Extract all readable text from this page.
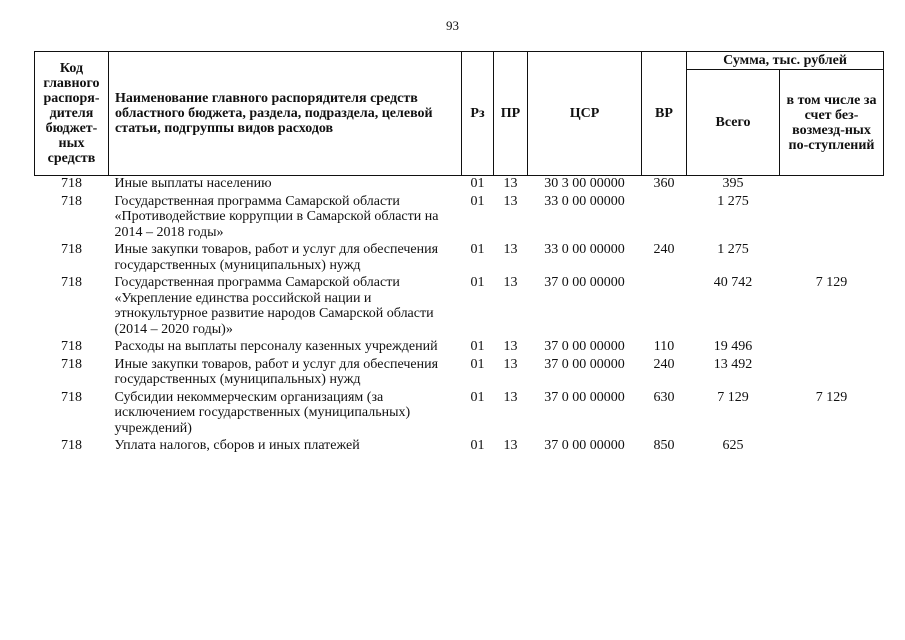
93
Код главного распоря-дителя бюджет-ных средств	Наименование главного распорядителя средств областного бюджета, раздела, подраздела, целевой статьи, подгруппы видов расходов	Рз	ПР	ЦСР	ВР	Сумма, тыс. рублей	
						Всего	в том числе за счет без-возмезд-ных по-ступлений
718	Иные выплаты населению	01	13	30 3 00 00000	360	395	
718	Государственная программа Самарской области «Противодействие коррупции в Самарской области на 2014 – 2018 годы»	01	13	33 0 00 00000		1 275	
718	Иные закупки товаров, работ и услуг для обеспечения государственных (муниципальных) нужд	01	13	33 0 00 00000	240	1 275	
718	Государственная программа Самарской области «Укрепление единства российской нации и этнокультурное развитие народов Самарской области (2014 – 2020 годы)»	01	13	37 0 00 00000		40 742	7 129
718	Расходы на выплаты персоналу казенных учреждений	01	13	37 0 00 00000	110	19 496	
718	Иные закупки товаров, работ и услуг для обеспечения государственных (муниципальных) нужд	01	13	37 0 00 00000	240	13 492	
718	Субсидии некоммерческим организациям (за исключением государственных (муниципальных) учреждений)	01	13	37 0 00 00000	630	7 129	7 129
718	Уплата налогов, сборов и иных платежей	01	13	37 0 00 00000	850	625	
